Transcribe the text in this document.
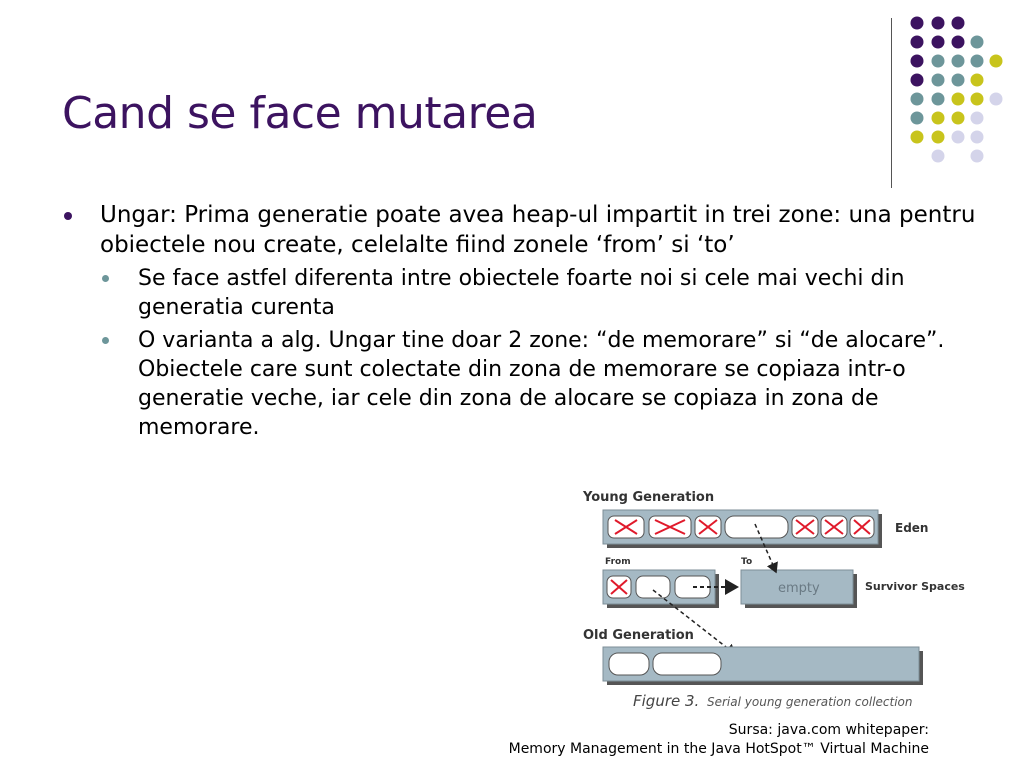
Cand se face mutarea
Ungar: Prima generatie poate avea heap-ul impartit in trei zone: una pentru obiectele nou create, celelalte fiind zonele ‘from’ si ‘to’
Se face astfel diferenta intre obiectele foarte noi si cele mai vechi din generatia curenta
O varianta a alg. Ungar tine doar 2 zone: “de memorare” si “de alocare”. Obiectele care sunt colectate din zona de memorare se copiaza intr-o generatie veche, iar cele din zona de alocare se copiaza in zona de memorare.
Young Generation
Eden
From	To
empty	Survivor Spaces
Old Generation
Figure 3. Serial young generation collection
Sursa: java.com whitepaper:
Memory Management in the Java HotSpot™ Virtual Machine
